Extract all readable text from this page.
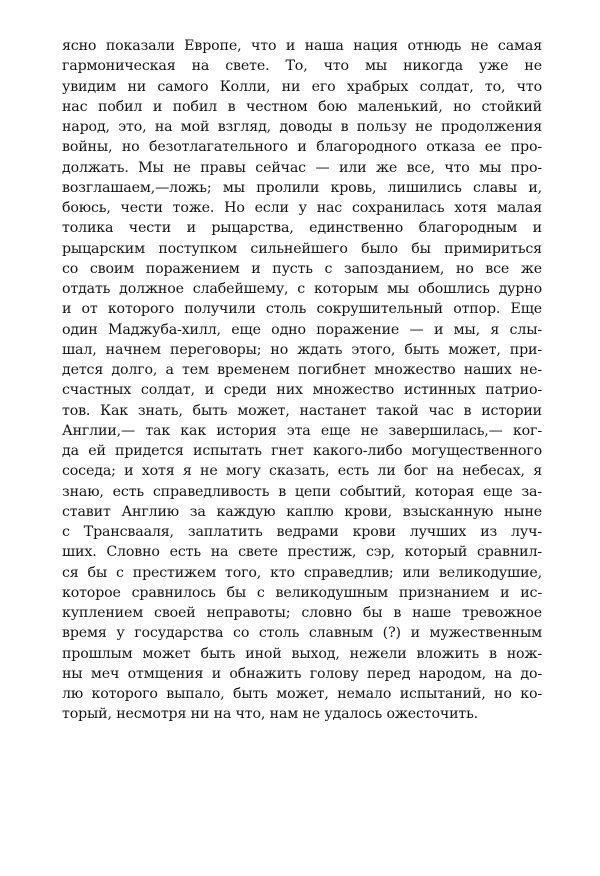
ясно показали Европе, что и наша нация отнюдь не самая
гармоническая на свете. То, что мы никогда уже не
увидим ни самого Колли, ни его храбрых солдат, то, что
нас побил и побил в честном бою маленький, но стойкий
народ, это, на мой взгляд, доводы в пользу не продолжения
войны, но безотлагательного и благородного отказа ее про-
должать. Мы не правы сейчас — или же все, что мы про-
возглашаем,—ложь; мы пролили кровь, лишились славы и,
боюсь, чести тоже. Но если у нас сохранилась хотя малая
толика чести и рыцарства, единственно благородным и
рыцарским поступком сильнейшего было бы примириться
со своим поражением и пусть с запозданием, но все же
отдать должное слабейшему, с которым мы обошлись дурно
и от которого получили столь сокрушительный отпор. Еще
один Маджуба-хилл, еще одно поражение — и мы, я слы-
шал, начнем переговоры; но ждать этого, быть может, при-
дется долго, а тем временем погибнет множество наших не-
счастных солдат, и среди них множество истинных патрио-
тов. Как знать, быть может, настанет такой час в истории
Англии,— так как история эта еще не завершилась,— ког-
да ей придется испытать гнет какого-либо могущественного
соседа; и хотя я не могу сказать, есть ли бог на небесах, я
знаю, есть справедливость в цепи событий, которая еще за-
ставит Англию за каждую каплю крови, взысканную ныне
с Трансвааля, заплатить ведрами крови лучших из луч-
ших. Словно есть на свете престиж, сэр, который сравнил-
ся бы с престижем того, кто справедлив; или великодушие,
которое сравнилось бы с великодушным признанием и ис-
куплением своей неправоты; словно бы в наше тревожное
время у государства со столь славным (?) и мужественным
прошлым может быть иной выход, нежели вложить в нож-
ны меч отмщения и обнажить голову перед народом, на до-
лю которого выпало, быть может, немало испытаний, но ко-
торый, несмотря ни на что, нам не удалось ожесточить.
